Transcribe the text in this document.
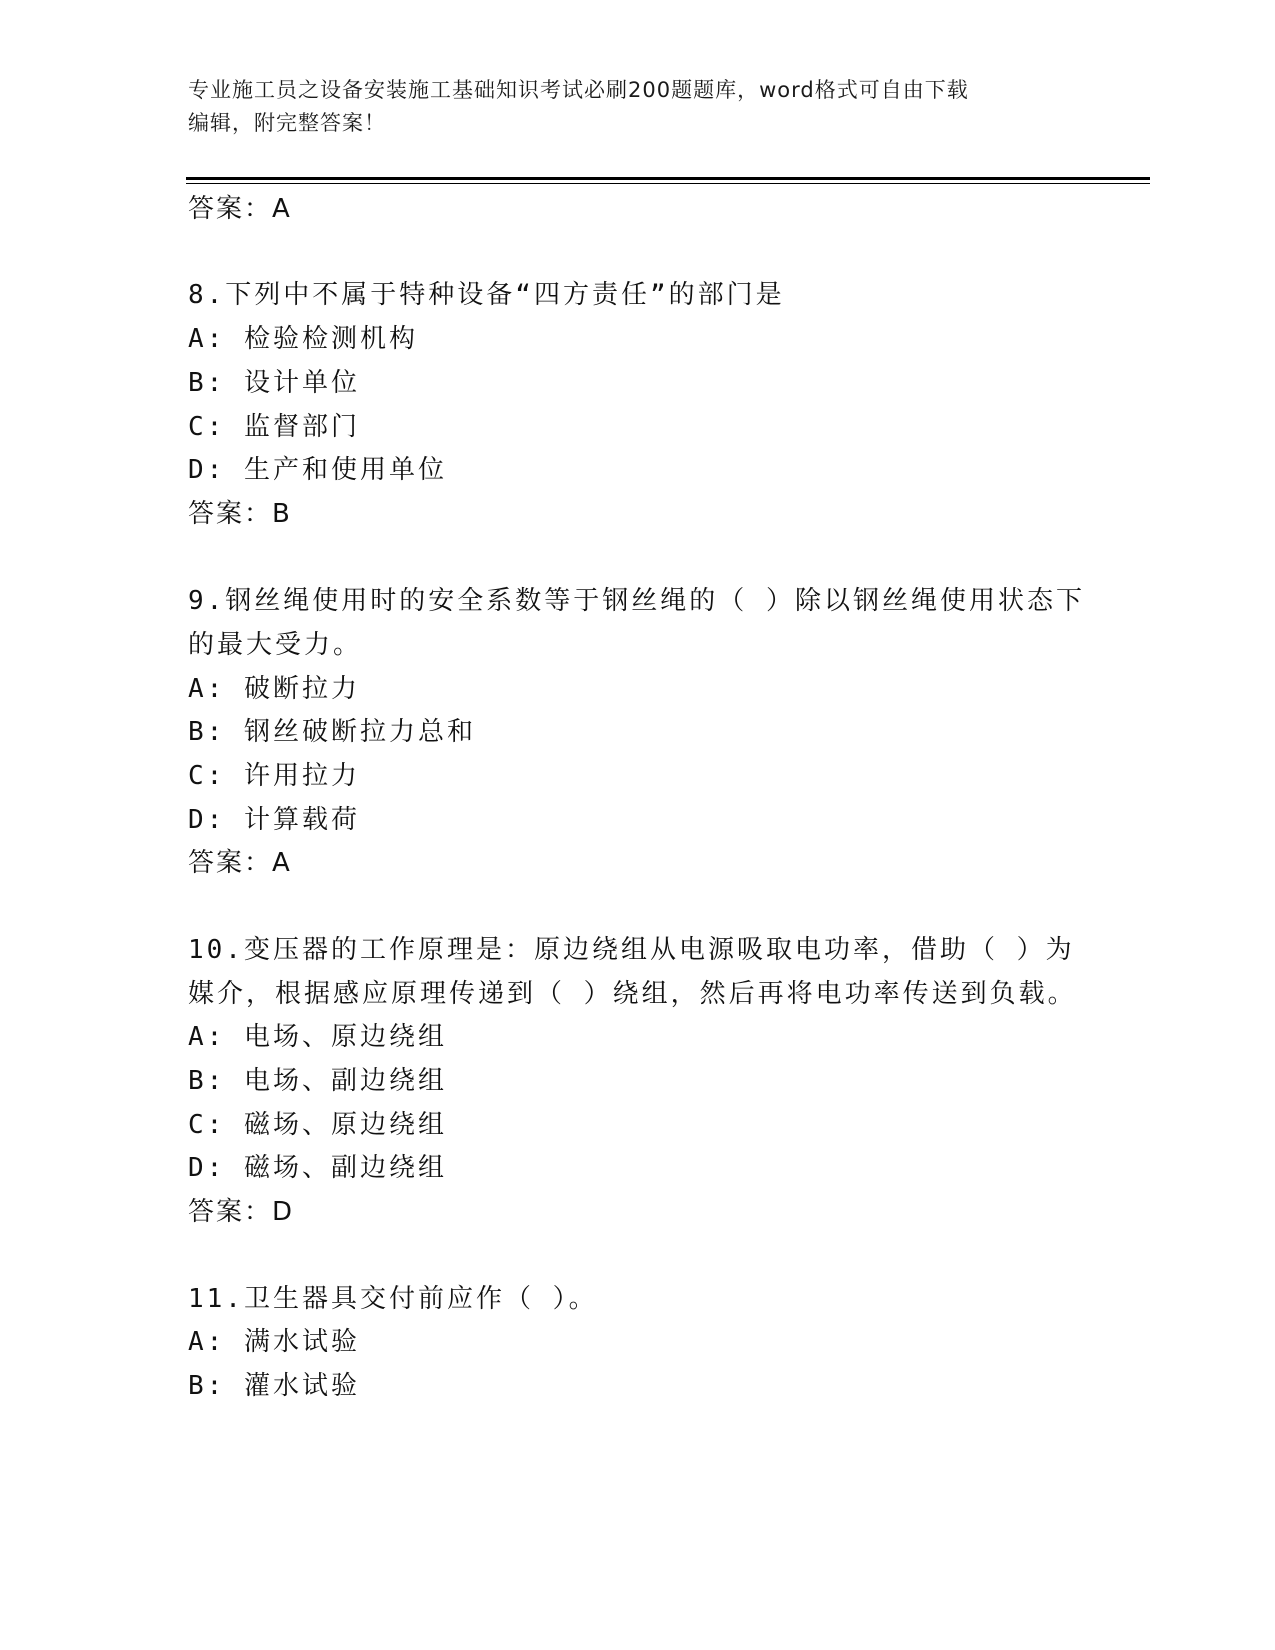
专业施工员之设备安装施工基础知识考试必刷200题题库，word格式可自由下载
编辑，附完整答案！
答案：A
8.下列中不属于特种设备“四方责任”的部门是
A: 检验检测机构
B: 设计单位
C: 监督部门
D: 生产和使用单位
答案：B
9.钢丝绳使用时的安全系数等于钢丝绳的（ ）除以钢丝绳使用状态下
的最大受力。
A: 破断拉力
B: 钢丝破断拉力总和
C: 许用拉力
D: 计算载荷
答案：A
10.变压器的工作原理是：原边绕组从电源吸取电功率，借助（ ）为
媒介，根据感应原理传递到（ ）绕组，然后再将电功率传送到负载。
A: 电场、原边绕组
B: 电场、副边绕组
C: 磁场、原边绕组
D: 磁场、副边绕组
答案：D
11.卫生器具交付前应作（ ）。
A: 满水试验
B: 灌水试验
